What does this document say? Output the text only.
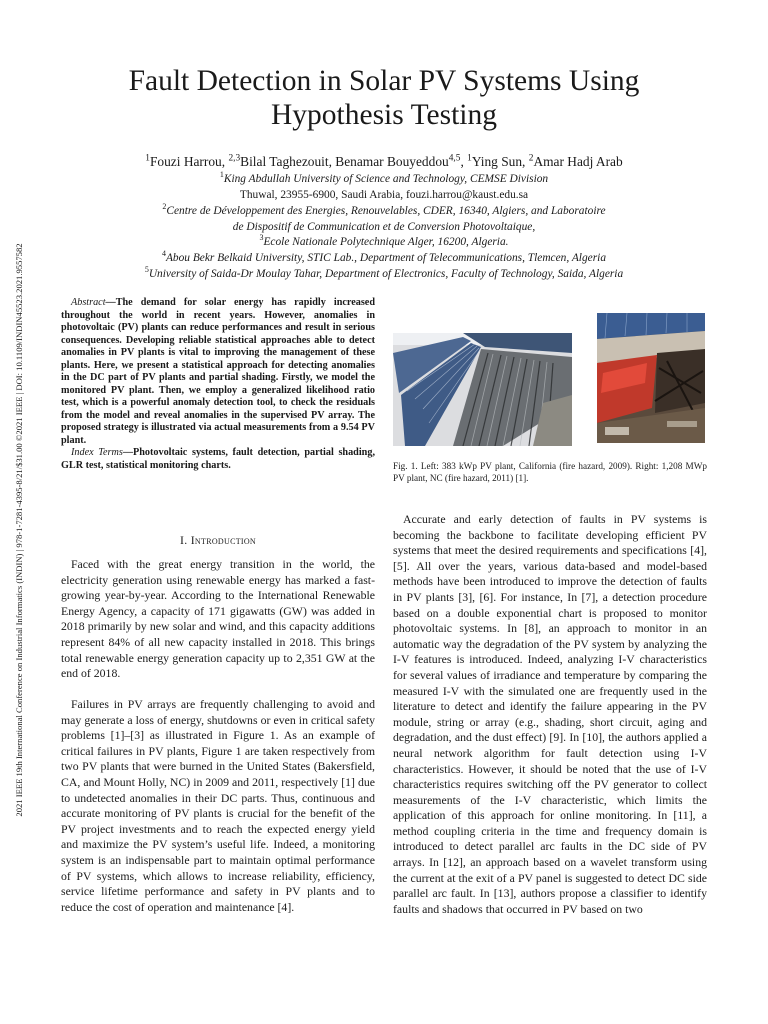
2021 IEEE 19th International Conference on Industrial Informatics (INDIN) | 978-1-7281-4395-8/21/$31.00 ©2021 IEEE | DOI: 10.1109/INDIN45523.2021.9557582
Fault Detection in Solar PV Systems Using
Hypothesis Testing
$^1$Fouzi Harrou, $^{2,3}$Bilal Taghezouit, Benamar Bouyeddou$^{4,5}$, $^1$Ying Sun, $^2$Amar Hadj Arab
$^1$King Abdullah University of Science and Technology, CEMSE Division
Thuwal, 23955-6900, Saudi Arabia, fouzi.harrou@kaust.edu.sa
$^2$Centre de Développement des Energies, Renouvelables, CDER, 16340, Algiers, and Laboratoire
de Dispositif de Communication et de Conversion Photovoltaique,
$^3$Ecole Nationale Polytechnique Alger, 16200, Algeria.
$^4$Abou Bekr Belkaid University, STIC Lab., Department of Telecommunications, Tlemcen, Algeria
$^5$University of Saida-Dr Moulay Tahar, Department of Electronics, Faculty of Technology, Saida, Algeria

Abstract—The demand for solar energy has rapidly increased throughout the world in recent years. However, anomalies in photovoltaic (PV) plants can reduce performances and result in serious consequences. Developing reliable statistical approaches able to detect anomalies in PV plants is vital to improving the management of these plants. Here, we present a statistical approach for detecting anomalies in the DC part of PV plants and partial shading. Firstly, we model the monitored PV plant. Then, we employ a generalized likelihood ratio test, which is a powerful anomaly detection tool, to check the residuals from the model and reveal anomalies in the supervised PV array. The proposed strategy is illustrated via actual measurements from a 9.54 PV plant.

Index Terms—Photovoltaic systems, fault detection, partial shading, GLR test, statistical monitoring charts.

I. Introduction

Faced with the great energy transition in the world, the electricity generation using renewable energy has marked a fast-growing year-by-year. According to the International Renewable Energy Agency, a capacity of 171 gigawatts (GW) was added in 2018 primarily by new solar and wind, and this capacity additions represent 84% of all new capacity installed in 2018. This brings total renewable energy generation capacity up to 2,351 GW at the end of 2018.

Failures in PV arrays are frequently challenging to avoid and may generate a loss of energy, shutdowns or even in critical safety problems [1]–[3] as illustrated in Figure 1. As an example of critical failures in PV plants, Figure 1 are taken respectively from two PV plants that were burned in the United States (Bakersfield, CA, and Mount Holly, NC) in 2009 and 2011, respectively [1] due to undetected anomalies in their DC parts. Thus, continuous and accurate monitoring of PV plants is crucial for the benefit of the PV project investments and to reach the expected energy yield and maximize the PV system’s useful life. Indeed, a monitoring system is an indispensable part to maintain optimal performance of PV systems, which allows to increase reliability, efficiency, service lifetime performance and safety in PV plants and to reduce the cost of operation and maintenance [4].

Fig. 1. Left: 383 kWp PV plant, California (fire hazard, 2009). Right: 1,208 MWp PV plant, NC (fire hazard, 2011) [1].

Accurate and early detection of faults in PV systems is becoming the backbone to facilitate developing efficient PV systems that meet the desired requirements and specifications [4], [5]. All over the years, various data-based and model-based methods have been introduced to improve the detection of faults in PV plants [3], [6]. For instance, In [7], a detection procedure based on a double exponential chart is proposed to monitor photovoltaic systems. In [8], an approach to monitor in an automatic way the degradation of the PV system by analyzing the I-V features is introduced. Indeed, analyzing I-V characteristics for several values of irradiance and temperature by comparing the measured I-V with the simulated one are frequently used in the literature to detect and identify the failure appearing in the PV module, string or array (e.g., shading, short circuit, aging and degradation, and the dust effect) [9]. In [10], the authors applied a neural network algorithm for fault detection using I-V characteristics. However, it should be noted that the use of I-V characteristics requires switching off the PV generator to collect measurements of the I-V characteristic, which limits the application of this approach for online monitoring. In [11], a method coupling criteria in the time and frequency domain is introduced to detect parallel arc faults in the DC side of PV arrays. In [12], an approach based on a wavelet transform using the current at the exit of a PV panel is suggested to detect DC side parallel arc fault. In [13], authors propose a classifier to identify faults and shadows that occurred in PV based on two
